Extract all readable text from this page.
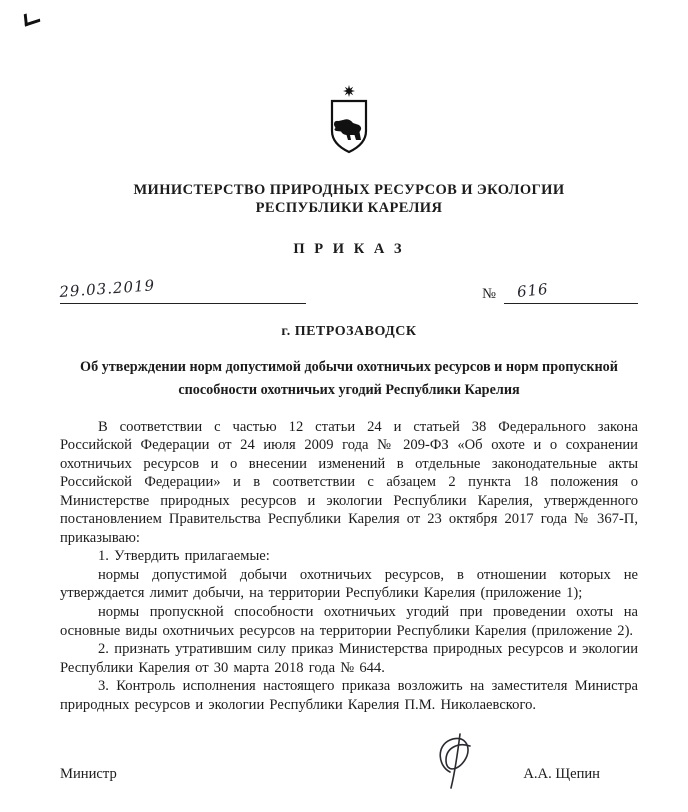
МИНИСТЕРСТВО ПРИРОДНЫХ РЕСУРСОВ И ЭКОЛОГИИ
РЕСПУБЛИКИ КАРЕЛИЯ
П Р И К А З
29.03.2019	№	616
г. ПЕТРОЗАВОДСК
Об утверждении норм допустимой добычи охотничьих ресурсов и норм пропускной способности охотничьих угодий Республики Карелия

В соответствии с частью 12 статьи 24 и статьей 38 Федерального закона Российской Федерации от 24 июля 2009 года № 209-ФЗ «Об охоте и о сохранении охотничьих ресурсов и о внесении изменений в отдельные законодательные акты Российской Федерации» и в соответствии с абзацем 2 пункта 18 положения о Министерстве природных ресурсов и экологии Республики Карелия, утвержденного постановлением Правительства Республики Карелия от 23 октября 2017 года № 367-П, приказываю:

1. Утвердить прилагаемые:

нормы допустимой добычи охотничьих ресурсов, в отношении которых не утверждается лимит добычи, на территории Республики Карелия (приложение 1);

нормы пропускной способности охотничьих угодий при проведении охоты на основные виды охотничьих ресурсов на территории Республики Карелия (приложение 2).

2. признать утратившим силу приказ Министерства природных ресурсов и экологии Республики Карелия от 30 марта 2018 года № 644.

3. Контроль исполнения настоящего приказа возложить на заместителя Министра природных ресурсов и экологии Республики Карелия П.М. Николаевского.

Министр	А.А. Щепин
